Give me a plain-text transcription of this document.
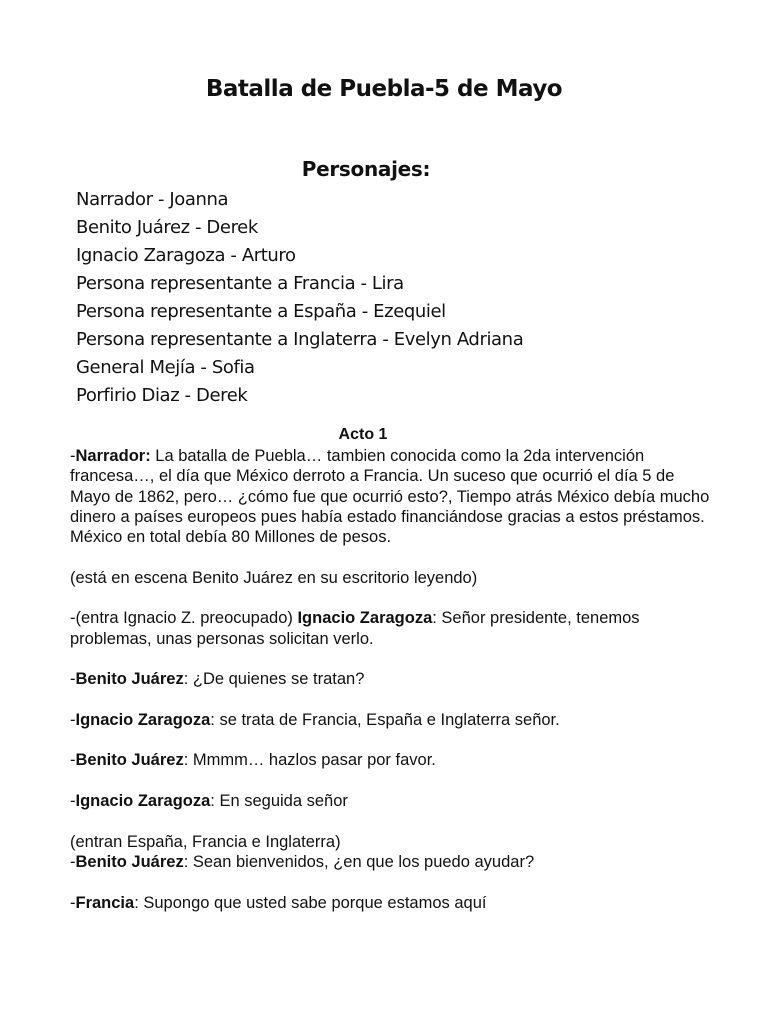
Batalla de Puebla-5 de Mayo
Personajes:
Narrador - Joanna
Benito Juárez - Derek
Ignacio Zaragoza - Arturo
Persona representante a Francia - Lira
Persona representante a España - Ezequiel
Persona representante a Inglaterra - Evelyn Adriana
General Mejía - Sofia
Porfirio Diaz - Derek
Acto 1

-Narrador: La batalla de Puebla… tambien conocida como la 2da intervención francesa…, el día que México derroto a Francia. Un suceso que ocurrió el día 5 de Mayo de 1862, pero… ¿cómo fue que ocurrió esto?, Tiempo atrás México debía mucho dinero a países europeos pues había estado financiándose gracias a estos préstamos. México en total debía 80 Millones de pesos.

(está en escena Benito Juárez en su escritorio leyendo)

-(entra Ignacio Z. preocupado) Ignacio Zaragoza: Señor presidente, tenemos problemas, unas personas solicitan verlo.

-Benito Juárez: ¿De quienes se tratan?

-Ignacio Zaragoza: se trata de Francia, España e Inglaterra señor.

-Benito Juárez: Mmmm… hazlos pasar por favor.

-Ignacio Zaragoza: En seguida señor

(entran España, Francia e Inglaterra)

-Benito Juárez: Sean bienvenidos, ¿en que los puedo ayudar?

-Francia: Supongo que usted sabe porque estamos aquí
